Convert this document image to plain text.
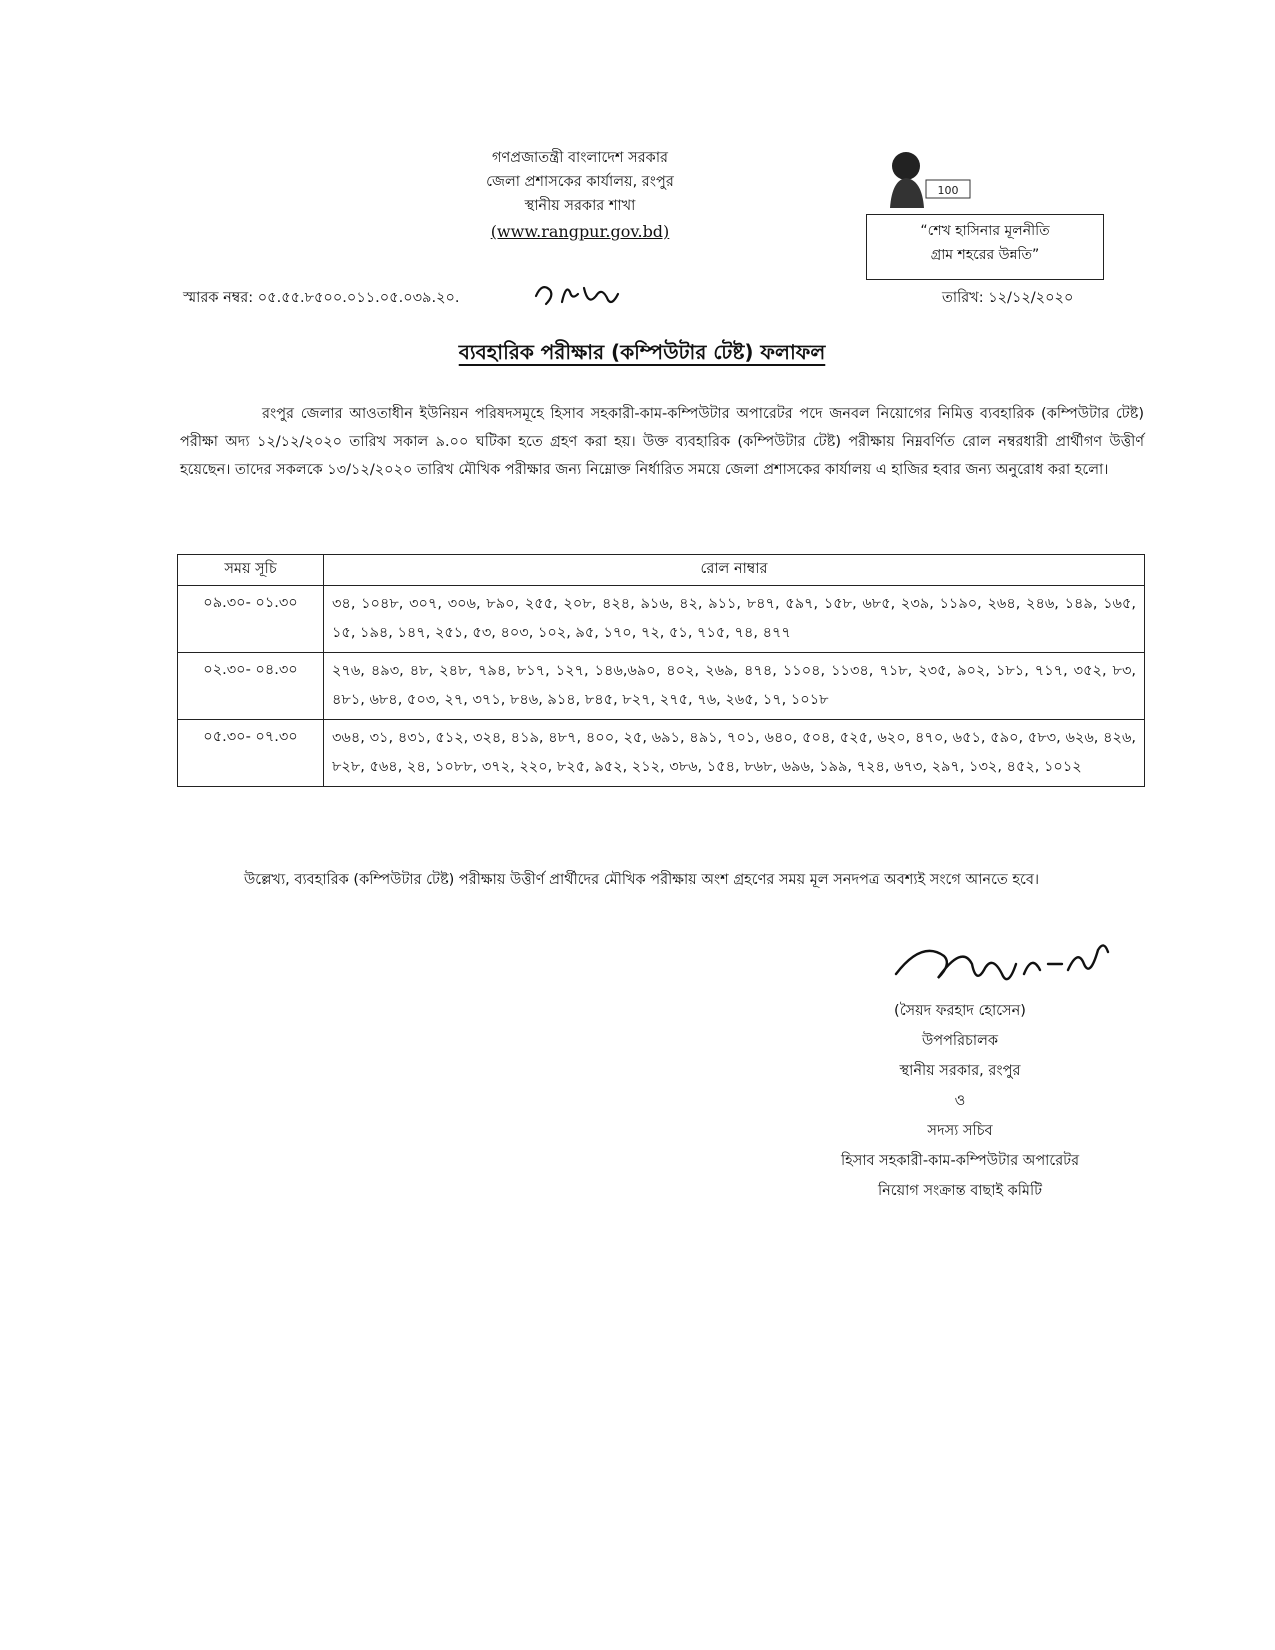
গণপ্রজাতন্ত্রী বাংলাদেশ সরকার
জেলা প্রশাসকের কার্যালয়, রংপুর
স্থানীয় সরকার শাখা
(www.rangpur.gov.bd)
100
“শেখ হাসিনার মূলনীতি
গ্রাম শহরের উন্নতি”
স্মারক নম্বর: ০৫.৫৫.৮৫০০.০১১.০৫.০৩৯.২০.	তারিখ: ১২/১২/২০২০
ব্যবহারিক পরীক্ষার (কম্পিউটার টেষ্ট) ফলাফল
রংপুর জেলার আওতাধীন ইউনিয়ন পরিষদসমূহে হিসাব সহকারী-কাম-কম্পিউটার অপারেটর পদে জনবল নিয়োগের নিমিত্ত ব্যবহারিক (কম্পিউটার টেষ্ট) পরীক্ষা অদ্য ১২/১২/২০২০ তারিখ সকাল ৯.০০ ঘটিকা হতে গ্রহণ করা হয়। উক্ত ব্যবহারিক (কম্পিউটার টেষ্ট) পরীক্ষায় নিম্নবর্ণিত রোল নম্বরধারী প্রার্থীগণ উত্তীর্ণ হয়েছেন। তাদের সকলকে ১৩/১২/২০২০ তারিখ মৌখিক পরীক্ষার জন্য নিম্নোক্ত নির্ধারিত সময়ে জেলা প্রশাসকের কার্যালয় এ হাজির হবার জন্য অনুরোধ করা হলো।
সময় সূচি	রোল নাম্বার
০৯.৩০- ০১.৩০	৩৪, ১০৪৮, ৩০৭, ৩০৬, ৮৯০, ২৫৫, ২০৮, ৪২৪, ৯১৬, ৪২, ৯১১, ৮৪৭, ৫৯৭, ১৫৮, ৬৮৫, ২৩৯, ১১৯০, ২৬৪, ২৪৬, ১৪৯, ১৬৫, ১৫, ১৯৪, ১৪৭, ২৫১, ৫৩, ৪০৩, ১০২, ৯৫, ১৭০, ৭২, ৫১, ৭১৫, ৭৪, ৪৭৭
০২.৩০- ০৪.৩০	২৭৬, ৪৯৩, ৪৮, ২৪৮, ৭৯৪, ৮১৭, ১২৭, ১৪৬,৬৯০, ৪০২, ২৬৯, ৪৭৪, ১১০৪, ১১৩৪, ৭১৮, ২৩৫, ৯০২, ১৮১, ৭১৭, ৩৫২, ৮৩, ৪৮১, ৬৮৪, ৫০৩, ২৭, ৩৭১, ৮৪৬, ৯১৪, ৮৪৫, ৮২৭, ২৭৫, ৭৬, ২৬৫, ১৭, ১০১৮
০৫.৩০- ০৭.৩০	৩৬৪, ৩১, ৪৩১, ৫১২, ৩২৪, ৪১৯, ৪৮৭, ৪০০, ২৫, ৬৯১, ৪৯১, ৭০১, ৬৪০, ৫০৪, ৫২৫, ৬২০, ৪৭০, ৬৫১, ৫৯০, ৫৮৩, ৬২৬, ৪২৬, ৮২৮, ৫৬৪, ২৪, ১০৮৮, ৩৭২, ২২০, ৮২৫, ৯৫২, ২১২, ৩৮৬, ১৫৪, ৮৬৮, ৬৯৬, ১৯৯, ৭২৪, ৬৭৩, ২৯৭, ১৩২, ৪৫২, ১০১২
উল্লেখ্য, ব্যবহারিক (কম্পিউটার টেষ্ট) পরীক্ষায় উত্তীর্ণ প্রার্থীদের মৌখিক পরীক্ষায় অংশ গ্রহণের সময় মূল সনদপত্র অবশ্যই সংগে আনতে হবে।
(সৈয়দ ফরহাদ হোসেন)
উপপরিচালক
স্থানীয় সরকার, রংপুর
ও
সদস্য সচিব
হিসাব সহকারী-কাম-কম্পিউটার অপারেটর
নিয়োগ সংক্রান্ত বাছাই কমিটি
